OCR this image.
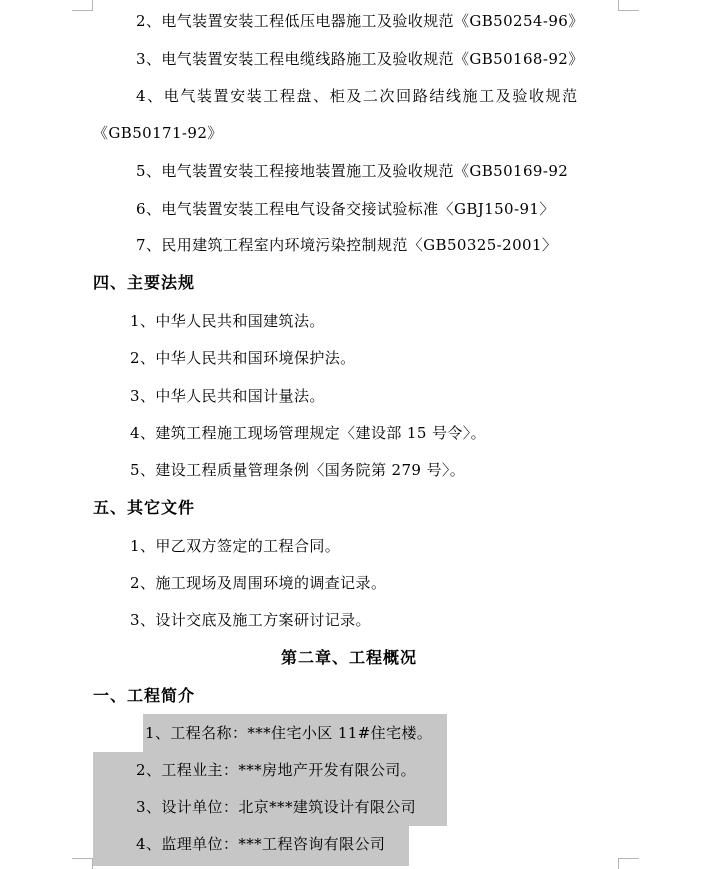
2、电气装置安装工程低压电器施工及验收规范《GB50254-96》
3、电气装置安装工程电缆线路施工及验收规范《GB50168-92》
4、电气装置安装工程盘、柜及二次回路结线施工及验收规范
《GB50171-92》
5、电气装置安装工程接地装置施工及验收规范《GB50169-92
6、电气装置安装工程电气设备交接试验标准〈GBJ150-91〉
7、民用建筑工程室内环境污染控制规范〈GB50325-2001〉
四、主要法规
1、中华人民共和国建筑法。
2、中华人民共和国环境保护法。
3、中华人民共和国计量法。
4、建筑工程施工现场管理规定〈建设部 15 号令〉。
5、建设工程质量管理条例〈国务院第 279 号〉。
五、其它文件
1、甲乙双方签定的工程合同。
2、施工现场及周围环境的调查记录。
3、设计交底及施工方案研讨记录。
第二章、工程概况
一、工程简介
1、工程名称：***住宅小区 11#住宅楼。
2、工程业主：***房地产开发有限公司。
3、设计单位：北京***建筑设计有限公司
4、监理单位：***工程咨询有限公司
